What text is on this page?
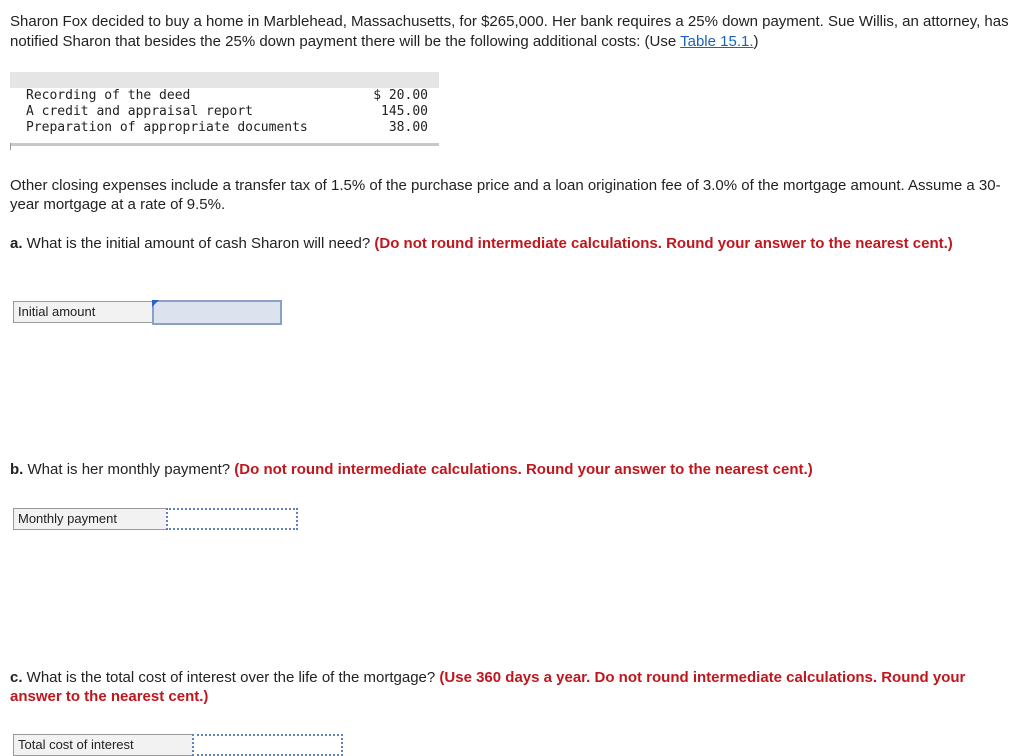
Sharon Fox decided to buy a home in Marblehead, Massachusetts, for $265,000. Her bank requires a 25% down payment. Sue Willis, an attorney, has notified Sharon that besides the 25% down payment there will be the following additional costs: (Use Table 15.1.)

Recording of the deed	$ 20.00
A credit and appraisal report	145.00
Preparation of appropriate documents	38.00

Other closing expenses include a transfer tax of 1.5% of the purchase price and a loan origination fee of 3.0% of the mortgage amount. Assume a 30-year mortgage at a rate of 9.5%.

a. What is the initial amount of cash Sharon will need? (Do not round intermediate calculations. Round your answer to the nearest cent.)

Initial amount

b. What is her monthly payment? (Do not round intermediate calculations. Round your answer to the nearest cent.)

Monthly payment

c. What is the total cost of interest over the life of the mortgage? (Use 360 days a year. Do not round intermediate calculations. Round your answer to the nearest cent.)

Total cost of interest
